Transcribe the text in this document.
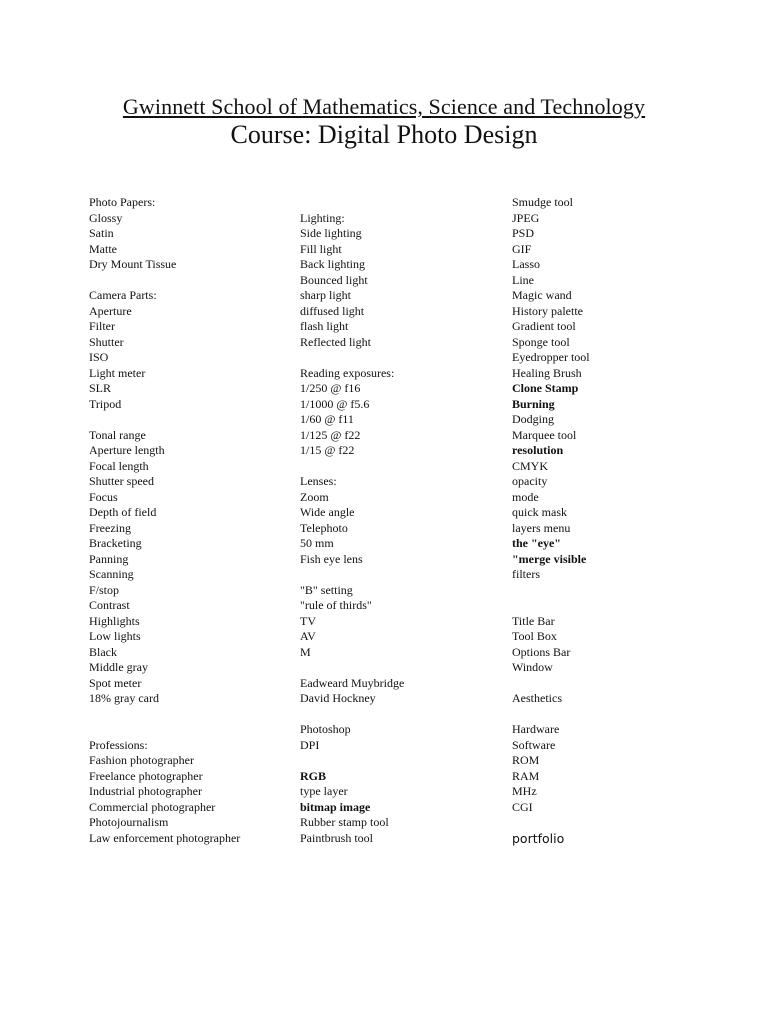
Gwinnett School of Mathematics, Science and Technology
Course: Digital Photo Design
Photo Papers:
Glossy
Satin
Matte
Dry Mount Tissue
Camera Parts:
Aperture
Filter
Shutter
ISO
Light meter
SLR
Tripod
Tonal range
Aperture length
Focal length
Shutter speed
Focus
Depth of field
Freezing
Bracketing
Panning
Scanning
F/stop
Contrast
Highlights
Low lights
Black
Middle gray
Spot meter
18% gray card
Professions:
Fashion photographer
Freelance photographer
Industrial photographer
Commercial photographer
Photojournalism
Law enforcement photographer
Lighting:
Side lighting
Fill light
Back lighting
Bounced light
sharp light
diffused light
flash light
Reflected light
Reading exposures:
1/250 @ f16
1/1000 @ f5.6
1/60 @ f11
1/125 @ f22
1/15 @ f22
Lenses:
Zoom
Wide angle
Telephoto
50 mm
Fish eye lens
"B" setting
"rule of thirds"
TV
AV
M
Eadweard Muybridge
David Hockney
Photoshop
DPI
RGB
type layer
bitmap image
Rubber stamp tool
Paintbrush tool
Smudge tool
JPEG
PSD
GIF
Lasso
Line
Magic wand
History palette
Gradient tool
Sponge tool
Eyedropper tool
Healing Brush
Clone Stamp
Burning
Dodging
Marquee tool
resolution
CMYK
opacity
mode
quick mask
layers menu
the "eye"
"merge visible
filters
Title Bar
Tool Box
Options Bar
Window
Aesthetics
Hardware
Software
ROM
RAM
MHz
CGI
portfolio
